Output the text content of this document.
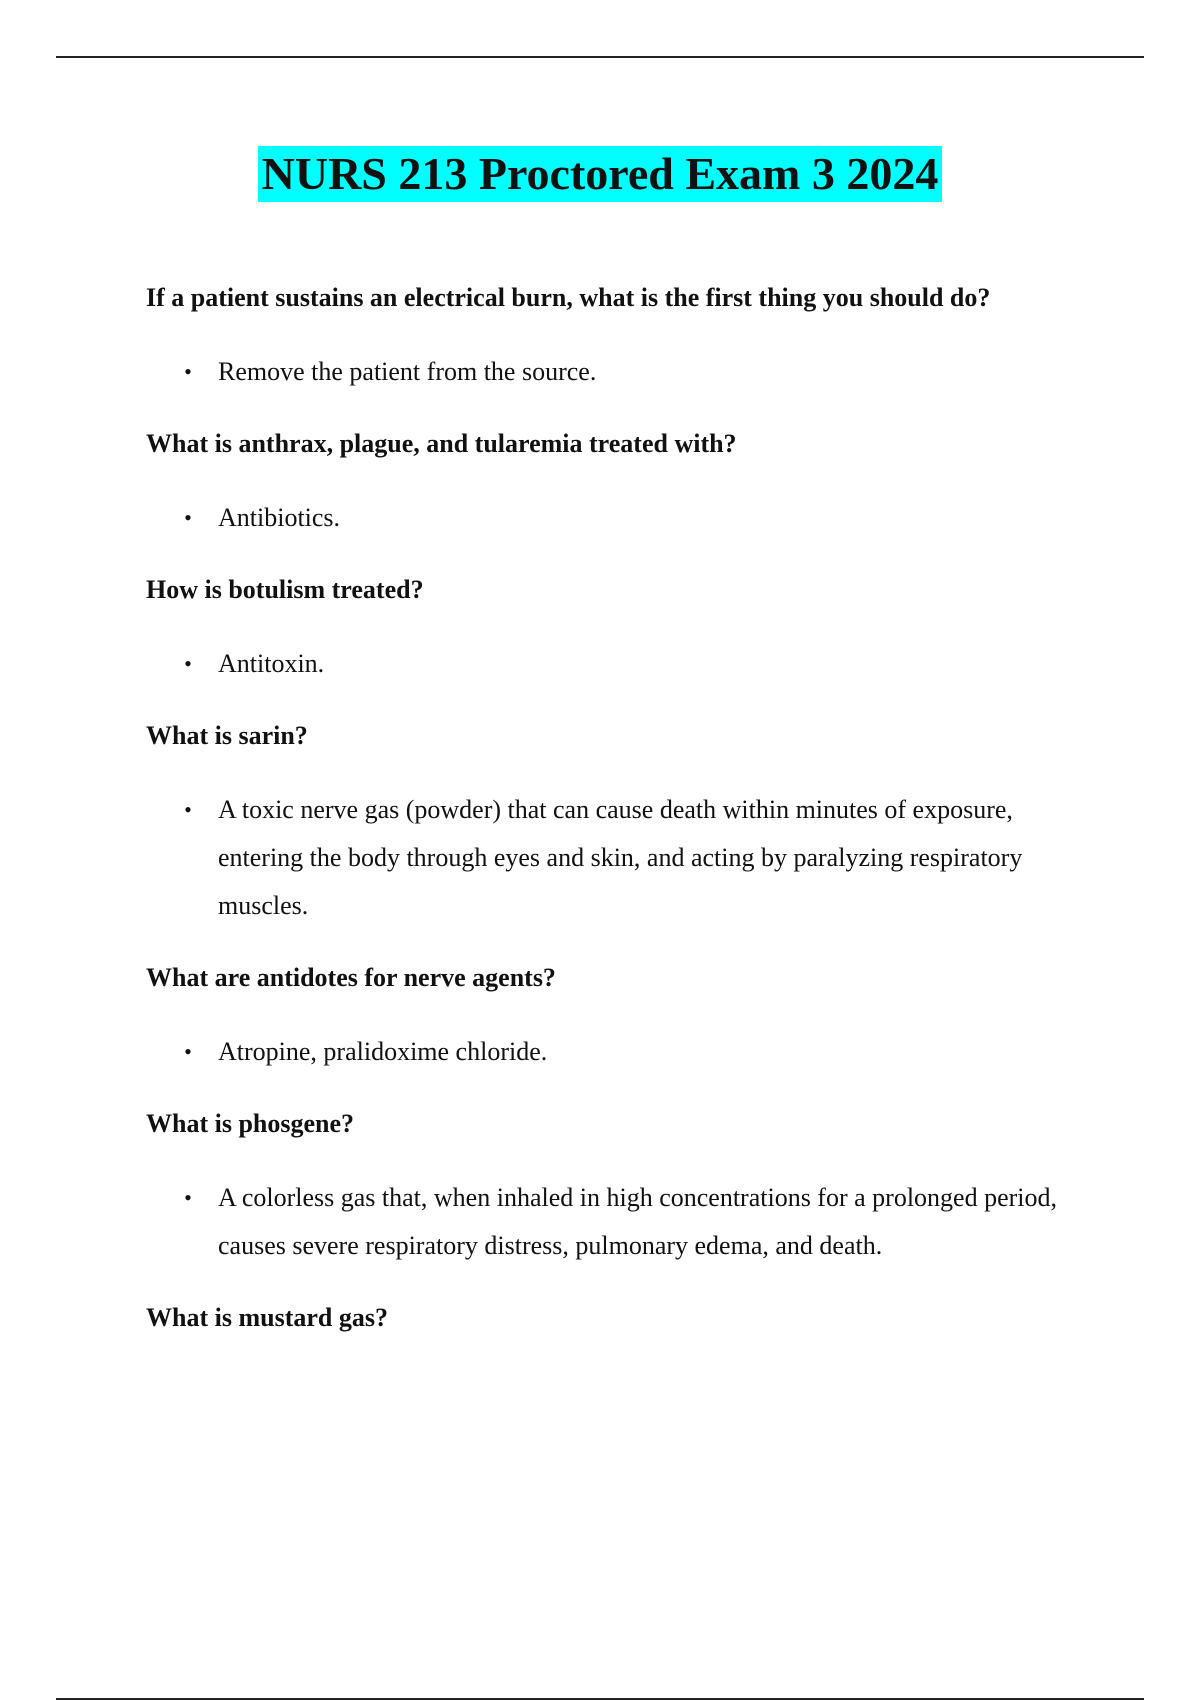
NURS 213 Proctored Exam 3 2024
If a patient sustains an electrical burn, what is the first thing you should do?
• Remove the patient from the source.
What is anthrax, plague, and tularemia treated with?
• Antibiotics.
How is botulism treated?
• Antitoxin.
What is sarin?
• A toxic nerve gas (powder) that can cause death within minutes of exposure, entering the body through eyes and skin, and acting by paralyzing respiratory muscles.
What are antidotes for nerve agents?
• Atropine, pralidoxime chloride.
What is phosgene?
• A colorless gas that, when inhaled in high concentrations for a prolonged period, causes severe respiratory distress, pulmonary edema, and death.
What is mustard gas?
